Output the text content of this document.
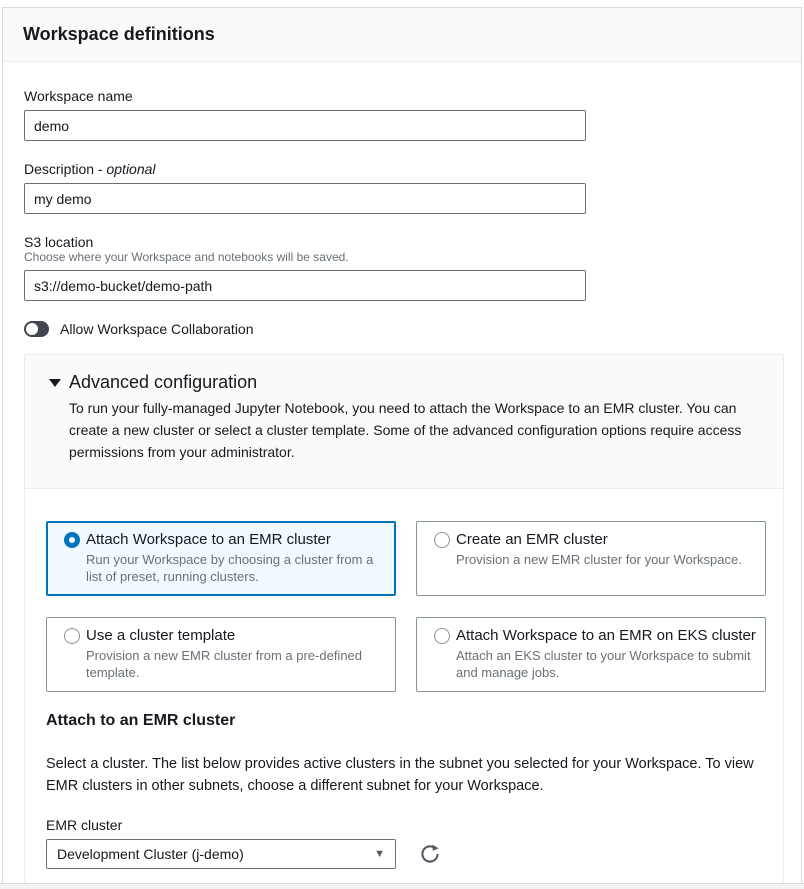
Workspace definitions
Workspace name
demo
Description - optional
my demo
S3 location
Choose where your Workspace and notebooks will be saved.
s3://demo-bucket/demo-path
Allow Workspace Collaboration
Advanced configuration
To run your fully-managed Jupyter Notebook, you need to attach the Workspace to an EMR cluster. You can create a new cluster or select a cluster template. Some of the advanced configuration options require access permissions from your administrator.
Attach Workspace to an EMR cluster
Run your Workspace by choosing a cluster from a list of preset, running clusters.
Create an EMR cluster
Provision a new EMR cluster for your Workspace.
Use a cluster template
Provision a new EMR cluster from a pre-defined template.
Attach Workspace to an EMR on EKS cluster
Attach an EKS cluster to your Workspace to submit and manage jobs.
Attach to an EMR cluster

Select a cluster. The list below provides active clusters in the subnet you selected for your Workspace. To view EMR clusters in other subnets, choose a different subnet for your Workspace.

EMR cluster
Development Cluster (j-demo)	▼
